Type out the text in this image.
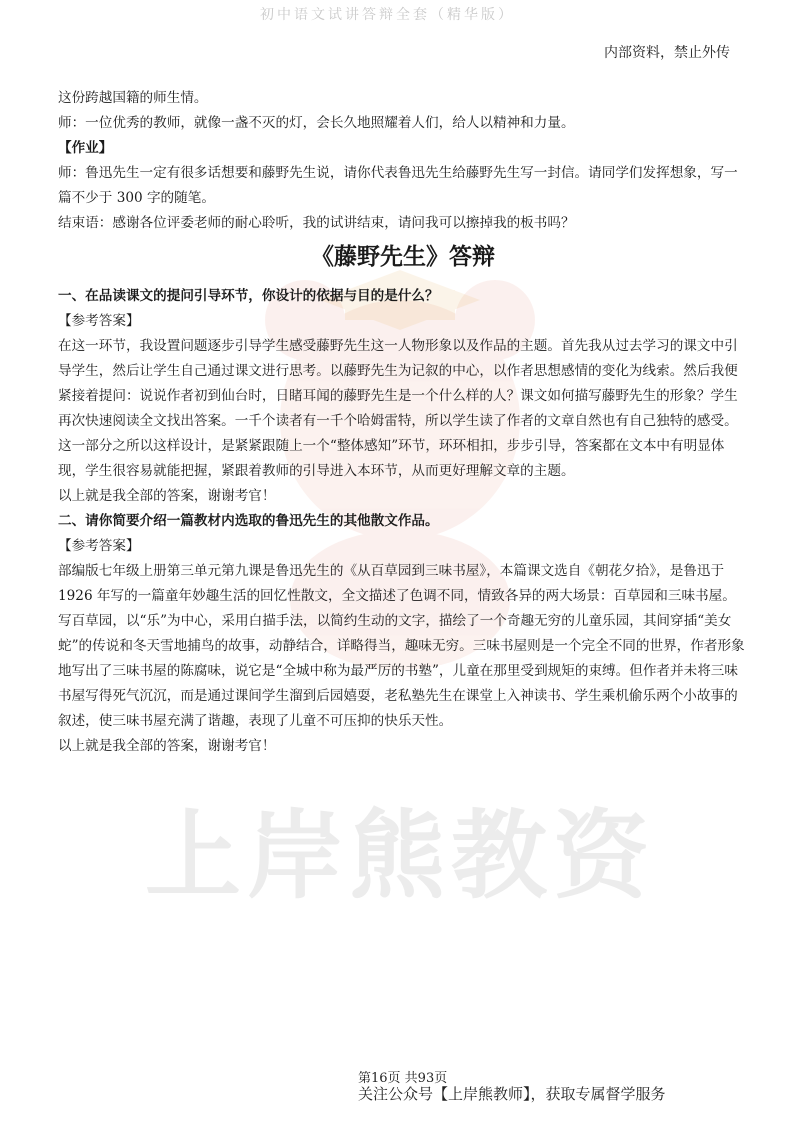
初中语文试讲答辩全套（精华版）
内部资料，禁止外传
上岸熊教资

这份跨越国籍的师生情。

师：一位优秀的教师，就像一盏不灭的灯，会长久地照耀着人们，给人以精神和力量。

【作业】

师：鲁迅先生一定有很多话想要和藤野先生说，请你代表鲁迅先生给藤野先生写一封信。请同学们发挥想象，写一篇不少于 300 字的随笔。

结束语：感谢各位评委老师的耐心聆听，我的试讲结束，请问我可以擦掉我的板书吗？

《藤野先生》答辩

一、在品读课文的提问引导环节，你设计的依据与目的是什么？

【参考答案】

在这一环节，我设置问题逐步引导学生感受藤野先生这一人物形象以及作品的主题。首先我从过去学习的课文中引导学生，然后让学生自己通过课文进行思考。以藤野先生为记叙的中心，以作者思想感情的变化为线索。然后我便紧接着提问：说说作者初到仙台时，日睹耳闻的藤野先生是一个什么样的人？课文如何描写藤野先生的形象？学生再次快速阅读全文找出答案。一千个读者有一千个哈姆雷特，所以学生读了作者的文章自然也有自己独特的感受。这一部分之所以这样设计，是紧紧跟随上一个“整体感知”环节，环环相扣，步步引导，答案都在文本中有明显体现，学生很容易就能把握，紧跟着教师的引导进入本环节，从而更好理解文章的主题。

以上就是我全部的答案，谢谢考官！

二、请你简要介绍一篇教材内选取的鲁迅先生的其他散文作品。

【参考答案】

部编版七年级上册第三单元第九课是鲁迅先生的《从百草园到三味书屋》，本篇课文选自《朝花夕拾》，是鲁迅于 1926 年写的一篇童年妙趣生活的回忆性散文，全文描述了色调不同，情致各异的两大场景：百草园和三味书屋。写百草园，以“乐”为中心，采用白描手法，以简约生动的文字，描绘了一个奇趣无穷的儿童乐园，其间穿插“美女蛇”的传说和冬天雪地捕鸟的故事，动静结合，详略得当，趣味无穷。三味书屋则是一个完全不同的世界，作者形象地写出了三味书屋的陈腐味，说它是“全城中称为最严厉的书塾”，儿童在那里受到规矩的束缚。但作者并未将三味书屋写得死气沉沉，而是通过课间学生溜到后园嬉耍，老私塾先生在课堂上入神读书、学生乘机偷乐两个小故事的叙述，使三味书屋充满了谐趣，表现了儿童不可压抑的快乐天性。

以上就是我全部的答案，谢谢考官！

第16页 共93页
关注公众号【上岸熊教师】，获取专属督学服务
